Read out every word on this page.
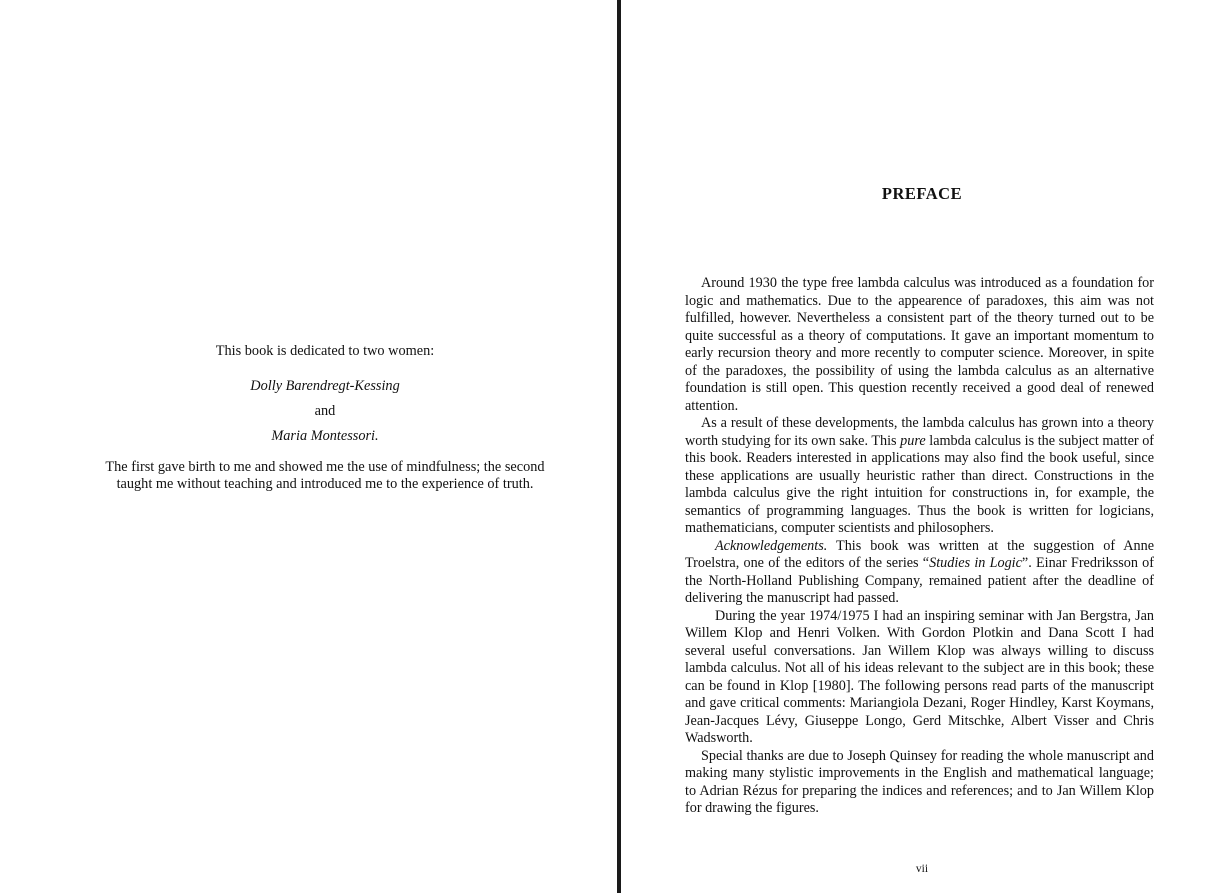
This book is dedicated to two women:

Dolly Barendregt-Kessing

and

Maria Montessori.

The first gave birth to me and showed me the use of mindfulness; the second taught me without teaching and introduced me to the experience of truth.

PREFACE

Around 1930 the type free lambda calculus was introduced as a foundation for logic and mathematics. Due to the appearence of paradoxes, this aim was not fulfilled, however. Nevertheless a consistent part of the theory turned out to be quite successful as a theory of computations. It gave an important momentum to early recursion theory and more recently to computer science. Moreover, in spite of the paradoxes, the possibility of using the lambda calculus as an alternative foundation is still open. This question recently received a good deal of renewed attention.

As a result of these developments, the lambda calculus has grown into a theory worth studying for its own sake. This pure lambda calculus is the subject matter of this book. Readers interested in applications may also find the book useful, since these applications are usually heuristic rather than direct. Constructions in the lambda calculus give the right intuition for constructions in, for example, the semantics of programming languages. Thus the book is written for logicians, mathematicians, computer scientists and philosophers.

Acknowledgements. This book was written at the suggestion of Anne Troelstra, one of the editors of the series “Studies in Logic”. Einar Fredriksson of the North-Holland Publishing Company, remained patient after the deadline of delivering the manuscript had passed.

During the year 1974/1975 I had an inspiring seminar with Jan Bergstra, Jan Willem Klop and Henri Volken. With Gordon Plotkin and Dana Scott I had several useful conversations. Jan Willem Klop was always willing to discuss lambda calculus. Not all of his ideas relevant to the subject are in this book; these can be found in Klop [1980]. The following persons read parts of the manuscript and gave critical comments: Mariangiola Dezani, Roger Hindley, Karst Koymans, Jean-Jacques Lévy, Giuseppe Longo, Gerd Mitschke, Albert Visser and Chris Wadsworth.

Special thanks are due to Joseph Quinsey for reading the whole manuscript and making many stylistic improvements in the English and mathematical language; to Adrian Rézus for preparing the indices and references; and to Jan Willem Klop for drawing the figures.

vii
